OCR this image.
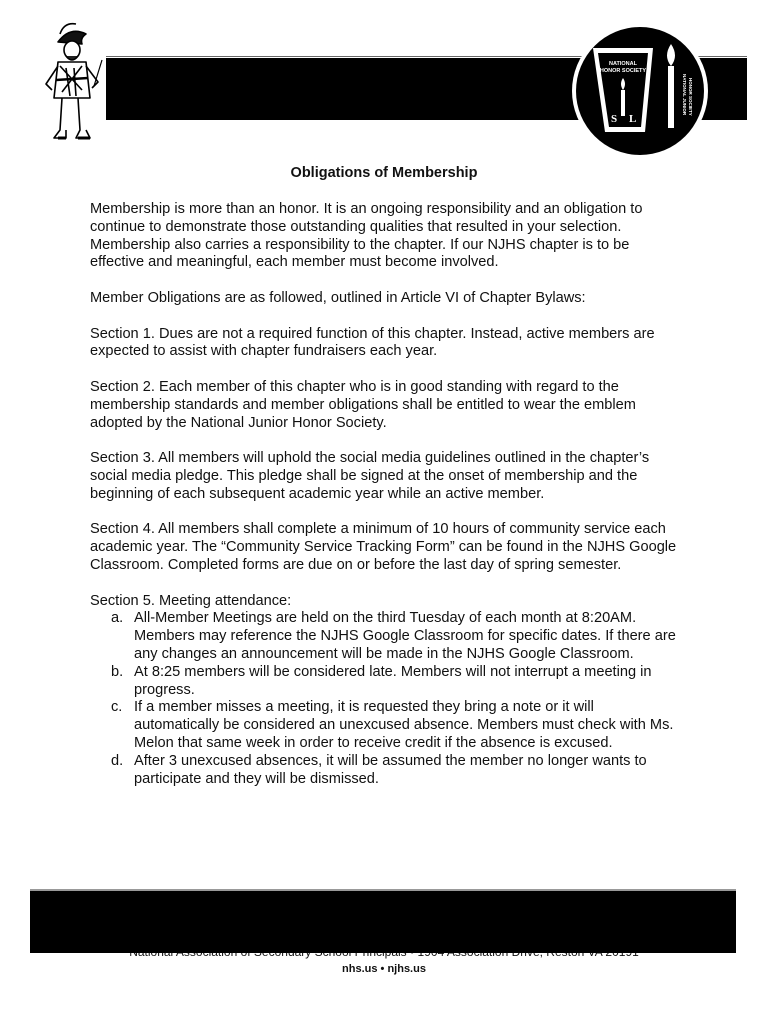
NATIONAL
HONOR SOCIETY
S L
NATIONAL JUNIOR HONOR SOCIETY
Obligations of Membership

Membership is more than an honor. It is an ongoing responsibility and an obligation to continue to demonstrate those outstanding qualities that resulted in your selection. Membership also carries a responsibility to the chapter. If our NJHS chapter is to be effective and meaningful, each member must become involved.

Member Obligations are as followed, outlined in Article VI of Chapter Bylaws:

Section 1. Dues are not a required function of this chapter. Instead, active members are expected to assist with chapter fundraisers each year.

Section 2. Each member of this chapter who is in good standing with regard to the membership standards and member obligations shall be entitled to wear the emblem adopted by the National Junior Honor Society.

Section 3. All members will uphold the social media guidelines outlined in the chapter’s social media pledge. This pledge shall be signed at the onset of membership and the beginning of each subsequent academic year while an active member.

Section 4. All members shall complete a minimum of 10 hours of community service each academic year. The “Community Service Tracking Form” can be found in the NJHS Google Classroom. Completed forms are due on or before the last day of spring semester.

Section 5. Meeting attendance:

a. All-Member Meetings are held on the third Tuesday of each month at 8:20AM. Members may reference the NJHS Google Classroom for specific dates. If there are any changes an announcement will be made in the NJHS Google Classroom.
b. At 8:25 members will be considered late. Members will not interrupt a meeting in progress.
c. If a member misses a meeting, it is requested they bring a note or it will automatically be considered an unexcused absence. Members must check with Ms. Melon that same week in order to receive credit if the absence is excused.
d. After 3 unexcused absences, it will be assumed the member no longer wants to participate and they will be dismissed.
nhs.us • njhs.us
